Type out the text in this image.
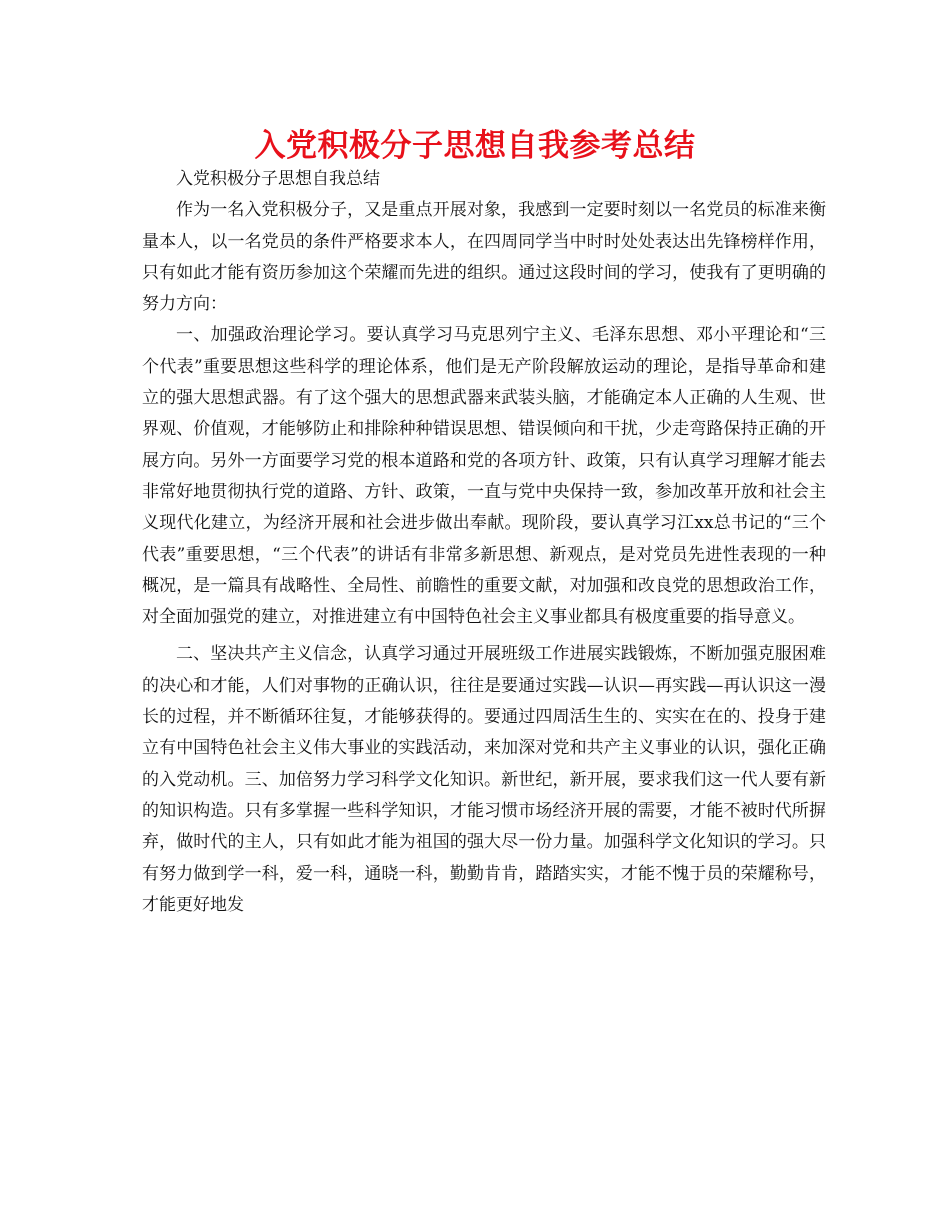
入党积极分子思想自我参考总结

入党积极分子思想自我总结

作为一名入党积极分子，又是重点开展对象，我感到一定要时刻以一名党员的标准来衡量本人，以一名党员的条件严格要求本人，在四周同学当中时时处处表达出先锋榜样作用，只有如此才能有资历参加这个荣耀而先进的组织。通过这段时间的学习，使我有了更明确的努力方向：

一、加强政治理论学习。要认真学习马克思列宁主义、毛泽东思想、邓小平理论和“三个代表”重要思想这些科学的理论体系，他们是无产阶段解放运动的理论，是指导革命和建立的强大思想武器。有了这个强大的思想武器来武装头脑，才能确定本人正确的人生观、世界观、价值观，才能够防止和排除种种错误思想、错误倾向和干扰，少走弯路保持正确的开展方向。另外一方面要学习党的根本道路和党的各项方针、政策，只有认真学习理解才能去非常好地贯彻执行党的道路、方针、政策，一直与党中央保持一致，参加改革开放和社会主义现代化建立，为经济开展和社会进步做出奉献。现阶段，要认真学习江xx总书记的“三个代表”重要思想，“三个代表”的讲话有非常多新思想、新观点，是对党员先进性表现的一种概况，是一篇具有战略性、全局性、前瞻性的重要文献，对加强和改良党的思想政治工作，对全面加强党的建立，对推进建立有中国特色社会主义事业都具有极度重要的指导意义。

二、坚决共产主义信念，认真学习通过开展班级工作进展实践锻炼，不断加强克服困难的决心和才能，人们对事物的正确认识，往往是要通过实践—认识—再实践—再认识这一漫长的过程，并不断循环往复，才能够获得的。要通过四周活生生的、实实在在的、投身于建立有中国特色社会主义伟大事业的实践活动，来加深对党和共产主义事业的认识，强化正确的入党动机。三、加倍努力学习科学文化知识。新世纪，新开展，要求我们这一代人要有新的知识构造。只有多掌握一些科学知识，才能习惯市场经济开展的需要，才能不被时代所摒弃，做时代的主人，只有如此才能为祖国的强大尽一份力量。加强科学文化知识的学习。只有努力做到学一科，爱一科，通晓一科，勤勤肯肯，踏踏实实，才能不愧于员的荣耀称号，才能更好地发
